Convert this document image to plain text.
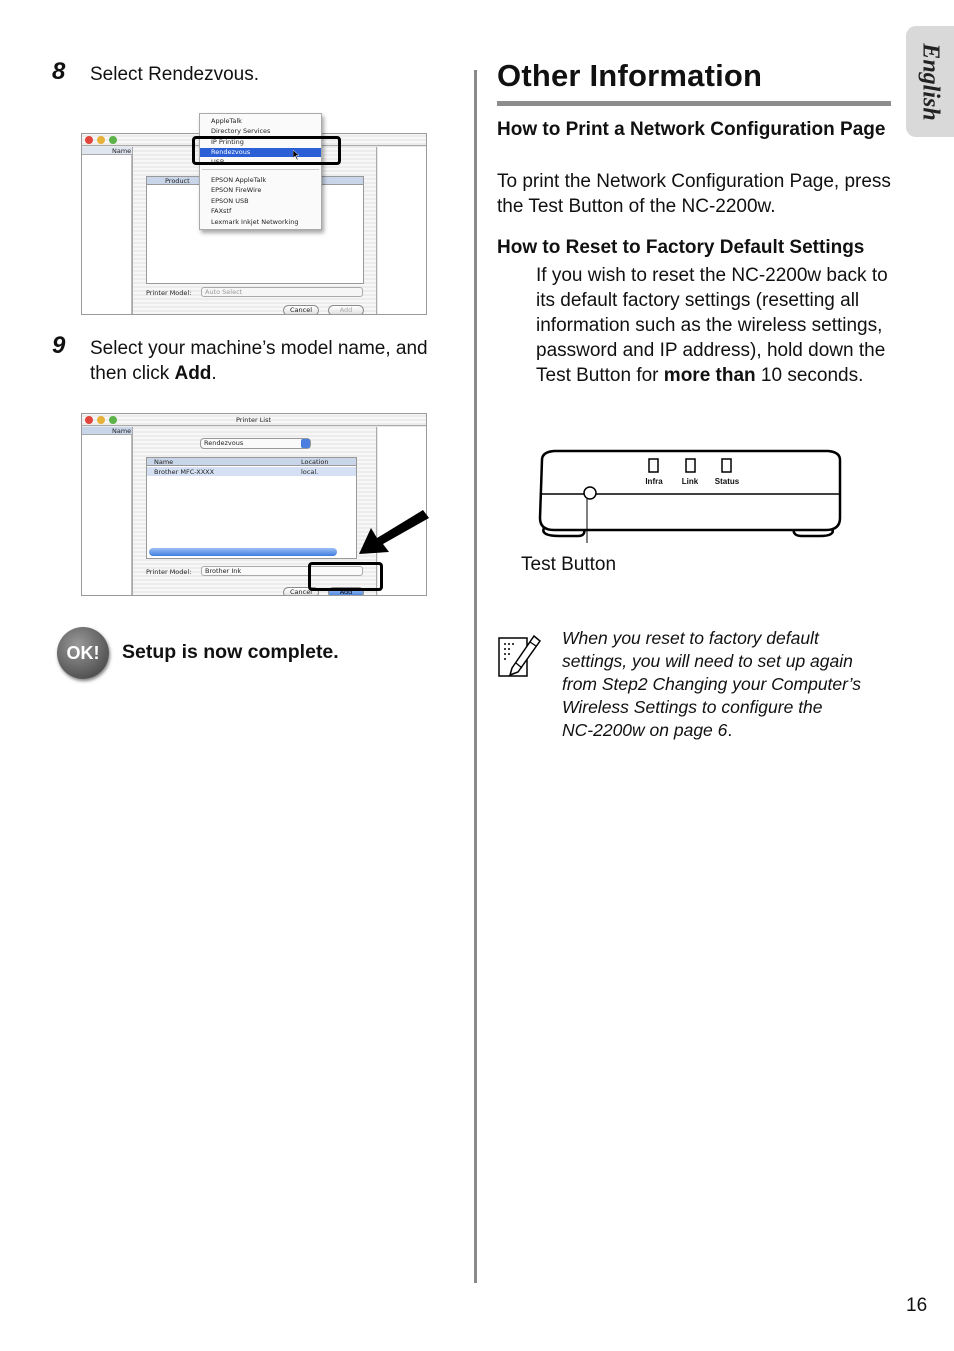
English
8 Select Rendezvous.
Name
Product
Printer Model:	Auto Select
Cancel	Add
AppleTalk
Directory Services
IP Printing
Rendezvous
USB
EPSON AppleTalk
EPSON FireWire
EPSON USB
FAXstf
Lexmark Inkjet Networking
9 Select your machine’s model name, and then click Add.
Printer List
Name
Rendezvous
Name	Location
Brother MFC-XXXX	local.
Printer Model:	Brother Ink
Cancel	Add
OK!	Setup is now complete.
Other Information
How to Print a Network Configuration Page
To print the Network Configuration Page, press the Test Button of the NC-2200w.
How to Reset to Factory Default Settings
If you wish to reset the NC-2200w back to its default factory settings (resetting all information such as the wireless settings, password and IP address), hold down the Test Button for more than 10 seconds.
Infra	Link	Status
Test Button
When you reset to factory default
settings, you will need to set up again
from Step2 Changing your Computer’s
Wireless Settings to configure the
NC-2200w on page 6.
16
